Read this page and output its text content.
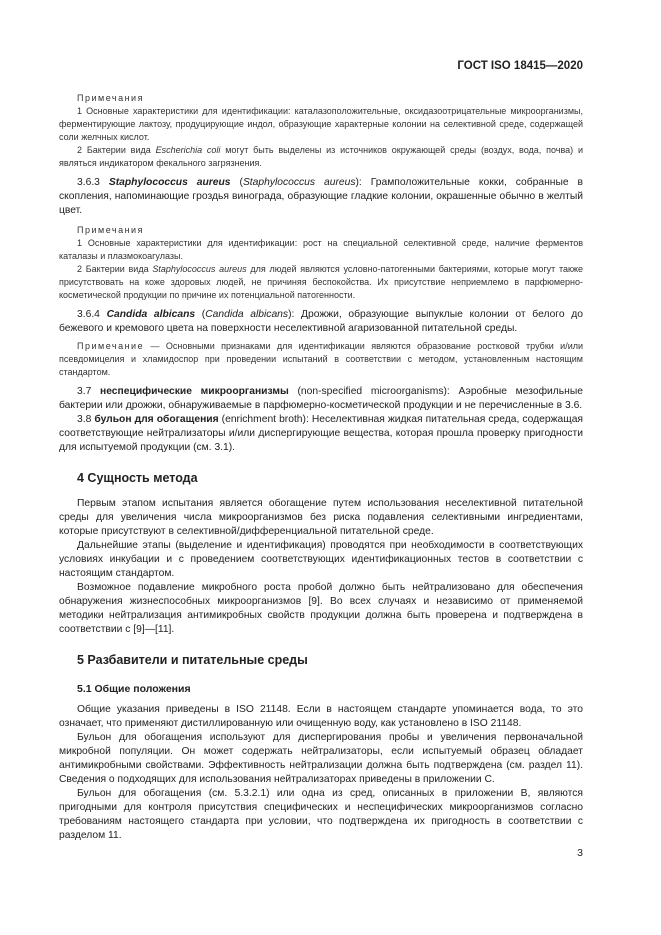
ГОСТ ISO 18415—2020
Примечания

1 Основные характеристики для идентификации: каталазоположительные, оксидазоотрицательные микроорганизмы, ферментирующие лактозу, продуцирующие индол, образующие характерные колонии на селективной среде, содержащей соли желчных кислот.

2 Бактерии вида Escherichia coli могут быть выделены из источников окружающей среды (воздух, вода, почва) и являться индикатором фекального загрязнения.

3.6.3 Staphylococcus aureus (Staphylococcus aureus): Грамположительные кокки, собранные в скопления, напоминающие гроздья винограда, образующие гладкие колонии, окрашенные обычно в желтый цвет.

Примечания

1 Основные характеристики для идентификации: рост на специальной селективной среде, наличие ферментов каталазы и плазмокоагулазы.

2 Бактерии вида Staphylococcus aureus для людей являются условно-патогенными бактериями, которые могут также присутствовать на коже здоровых людей, не причиняя беспокойства. Их присутствие неприемлемо в парфюмерно-косметической продукции по причине их потенциальной патогенности.

3.6.4 Candida albicans (Candida albicans): Дрожжи, образующие выпуклые колонии от белого до бежевого и кремового цвета на поверхности неселективной агаризованной питательной среды.

Примечание — Основными признаками для идентификации являются образование ростковой трубки и/или псевдомицелия и хламидоспор при проведении испытаний в соответствии с методом, установленным настоящим стандартом.

3.7 неспецифические микроорганизмы (non-specified microorganisms): Аэробные мезофильные бактерии или дрожжи, обнаруживаемые в парфюмерно-косметической продукции и не перечисленные в 3.6.

3.8 бульон для обогащения (enrichment broth): Неселективная жидкая питательная среда, содержащая соответствующие нейтрализаторы и/или диспергирующие вещества, которая прошла проверку пригодности для испытуемой продукции (см. 3.1).

4 Сущность метода

Первым этапом испытания является обогащение путем использования неселективной питательной среды для увеличения числа микроорганизмов без риска подавления селективными ингредиентами, которые присутствуют в селективной/дифференциальной питательной среде.

Дальнейшие этапы (выделение и идентификация) проводятся при необходимости в соответствующих условиях инкубации и с проведением соответствующих идентификационных тестов в соответствии с настоящим стандартом.

Возможное подавление микробного роста пробой должно быть нейтрализовано для обеспечения обнаружения жизнеспособных микроорганизмов [9]. Во всех случаях и независимо от применяемой методики нейтрализация антимикробных свойств продукции должна быть проверена и подтверждена в соответствии с [9]—[11].

5 Разбавители и питательные среды
5.1 Общие положения

Общие указания приведены в ISO 21148. Если в настоящем стандарте упоминается вода, то это означает, что применяют дистиллированную или очищенную воду, как установлено в ISO 21148.

Бульон для обогащения используют для диспергирования пробы и увеличения первоначальной микробной популяции. Он может содержать нейтрализаторы, если испытуемый образец обладает антимикробными свойствами. Эффективность нейтрализации должна быть подтверждена (см. раздел 11). Сведения о подходящих для использования нейтрализаторах приведены в приложении С.

Бульон для обогащения (см. 5.3.2.1) или одна из сред, описанных в приложении В, являются пригодными для контроля присутствия специфических и неспецифических микроорганизмов согласно требованиям настоящего стандарта при условии, что подтверждена их пригодность в соответствии с разделом 11.

3
